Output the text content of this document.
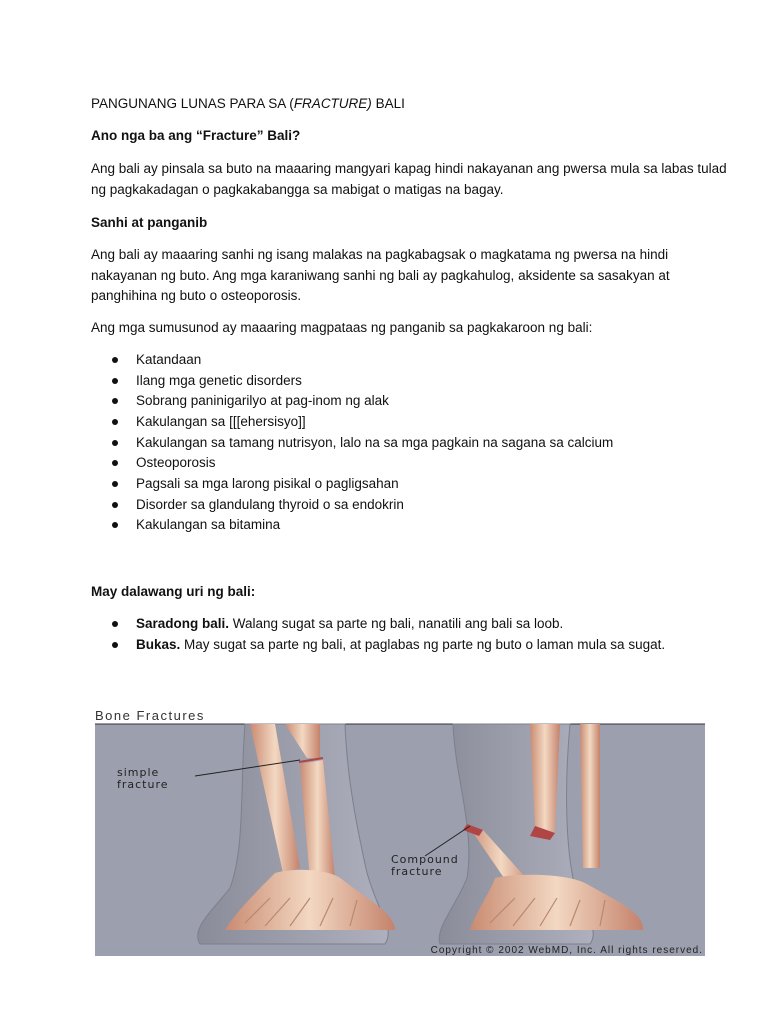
PANGUNANG LUNAS PARA SA (FRACTURE) BALI
Ano nga ba ang “Fracture” Bali?
Ang bali ay pinsala sa buto na maaaring mangyari kapag hindi nakayanan ang pwersa mula sa labas tulad
ng pagkakadagan o pagkakabangga sa mabigat o matigas na bagay.
Sanhi at panganib
Ang bali ay maaaring sanhi ng isang malakas na pagkabagsak o magkatama ng pwersa na hindi
nakayanan ng buto. Ang mga karaniwang sanhi ng bali ay pagkahulog, aksidente sa sasakyan at
panghihina ng buto o osteoporosis.
Ang mga sumusunod ay maaaring magpataas ng panganib sa pagkakaroon ng bali:
Katandaan
Ilang mga genetic disorders
Sobrang paninigarilyo at pag-inom ng alak
Kakulangan sa [[[ehersisyo]]
Kakulangan sa tamang nutrisyon, lalo na sa mga pagkain na sagana sa calcium
Osteoporosis
Pagsali sa mga larong pisikal o pagligsahan
Disorder sa glandulang thyroid o sa endokrin
Kakulangan sa bitamina
May dalawang uri ng bali:
Saradong bali. Walang sugat sa parte ng bali, nanatili ang bali sa loob.
Bukas. May sugat sa parte ng bali, at paglabas ng parte ng buto o laman mula sa sugat.
simple
fracture
Compound
fracture
Bone Fractures
Copyright © 2002 WebMD, Inc. All rights reserved.
